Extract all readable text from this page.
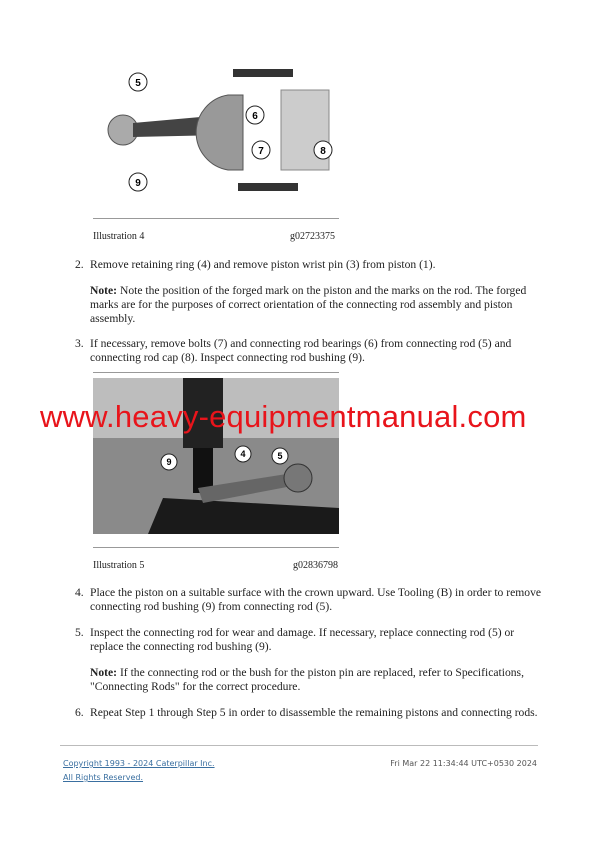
5
6
7	8
9
Illustration 4	g02723375
2. Remove retaining ring (4) and remove piston wrist pin (3) from piston (1).
Note: Note the position of the forged mark on the piston and the marks on the rod. The forged marks are for the purposes of correct orientation of the connecting rod assembly and piston assembly.
3. If necessary, remove bolts (7) and connecting rod bearings (6) from connecting rod (5) and connecting rod cap (8). Inspect connecting rod bushing (9).
4	5
9
Illustration 5	g02836798
4. Place the piston on a suitable surface with the crown upward. Use Tooling (B) in order to remove connecting rod bushing (9) from connecting rod (5).
5. Inspect the connecting rod for wear and damage. If necessary, replace connecting rod (5) or replace the connecting rod bushing (9).
Note: If the connecting rod or the bush for the piston pin are replaced, refer to Specifications, "Connecting Rods" for the correct procedure.
6. Repeat Step 1 through Step 5 in order to disassemble the remaining pistons and connecting rods.
www.heavy-equipmentmanual.com
Copyright 1993 - 2024 Caterpillar Inc.
All Rights Reserved.
Fri Mar 22 11:34:44 UTC+0530 2024
